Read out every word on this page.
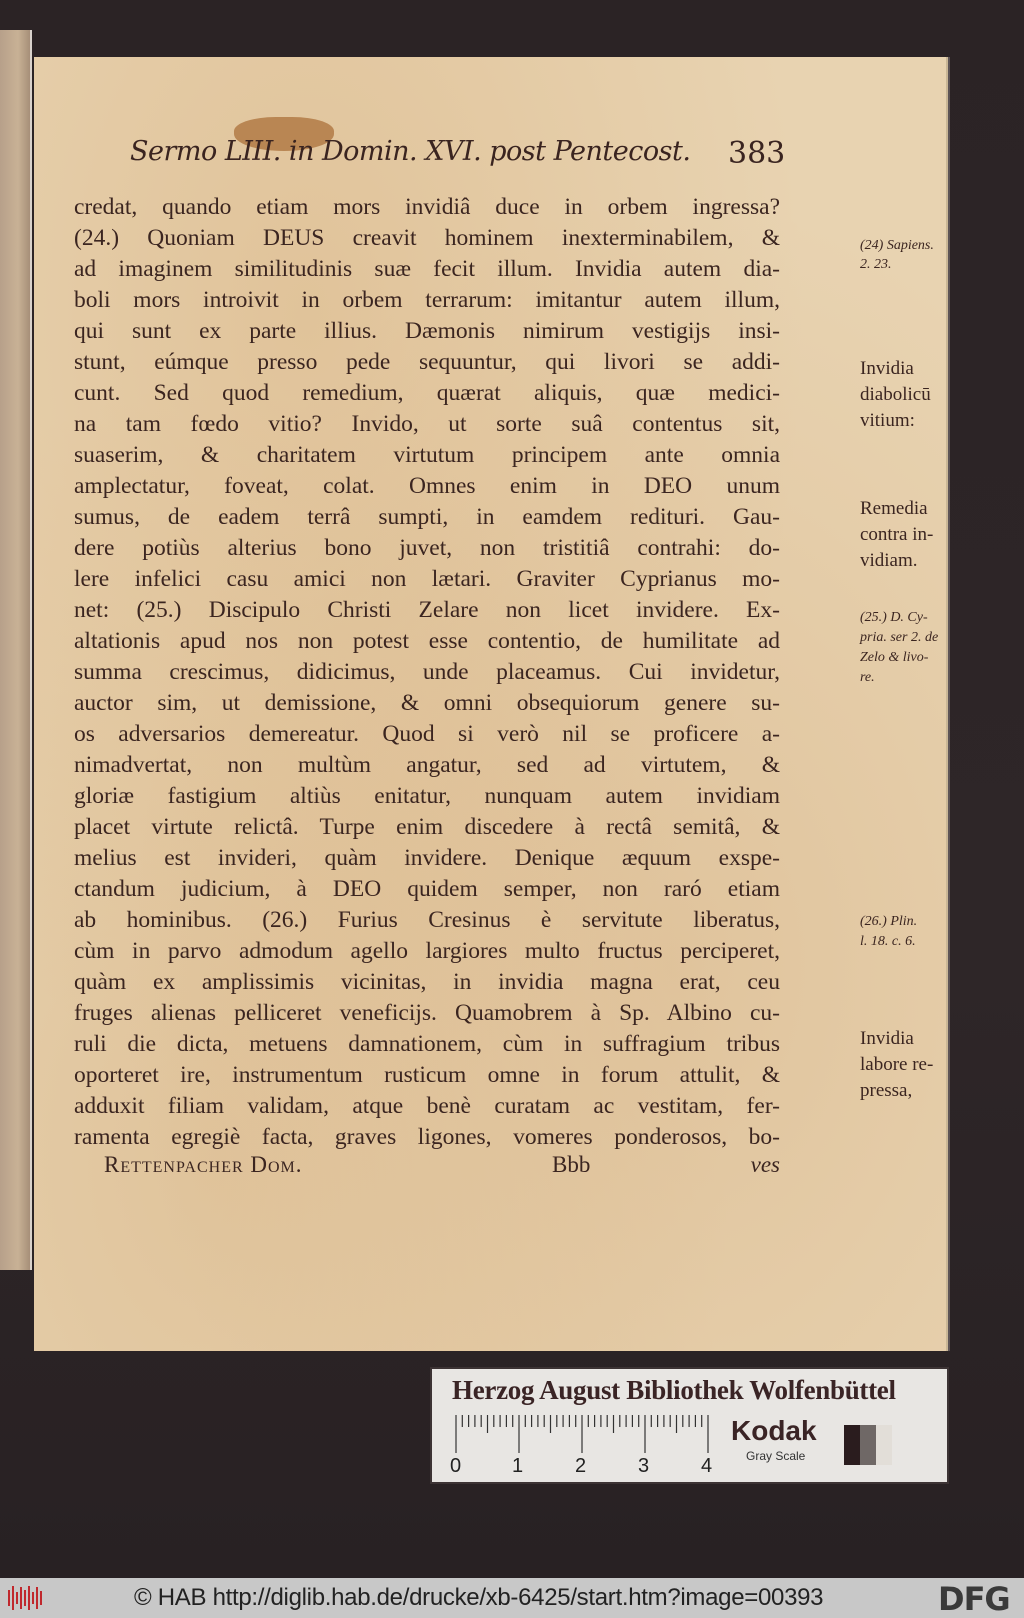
Sermo LIII. in Domin. XVI. post Pentecost.	383
credat, quando etiam mors invidiâ duce in orbem ingressa?
(24.) Quoniam DEUS creavit hominem inexterminabilem, &
ad imaginem similitudinis suæ fecit illum. Invidia autem dia-
boli mors introivit in orbem terrarum: imitantur autem illum,
qui sunt ex parte illius. Dæmonis nimirum vestigijs insi-
stunt, eúmque presso pede sequuntur, qui livori se addi-
cunt. Sed quod remedium, quærat aliquis, quæ medici-
na tam fœdo vitio? Invido, ut sorte suâ contentus sit,
suaserim, & charitatem virtutum principem ante omnia
amplectatur, foveat, colat. Omnes enim in DEO unum
sumus, de eadem terrâ sumpti, in eamdem redituri. Gau-
dere potiùs alterius bono juvet, non tristitiâ contrahi: do-
lere infelici casu amici non lætari. Graviter Cyprianus mo-
net: (25.) Discipulo Christi Zelare non licet invidere. Ex-
altationis apud nos non potest esse contentio, de humilitate ad
summa crescimus, didicimus, unde placeamus. Cui invidetur,
auctor sim, ut demissione, & omni obsequiorum genere su-
os adversarios demereatur. Quod si verò nil se proficere a-
nimadvertat, non multùm angatur, sed ad virtutem, &
gloriæ fastigium altiùs enitatur, nunquam autem invidiam
placet virtute relictâ. Turpe enim discedere à rectâ semitâ, &
melius est invideri, quàm invidere. Denique æquum exspe-
ctandum judicium, à DEO quidem semper, non raró etiam
ab hominibus. (26.) Furius Cresinus è servitute liberatus,
cùm in parvo admodum agello largiores multo fructus perciperet,
quàm ex amplissimis vicinitas, in invidia magna erat, ceu
fruges alienas pelliceret veneficijs. Quamobrem à Sp. Albino cu-
ruli die dicta, metuens damnationem, cùm in suffragium tribus
oporteret ire, instrumentum rusticum omne in forum attulit, &
adduxit filiam validam, atque benè curatam ac vestitam, fer-
ramenta egregiè facta, graves ligones, vomeres ponderosos, bo-
(24) Sapiens.
2. 23.
Invidia
diabolicū
vitium:
Remedia
contra in-
vidiam.
(25.) D. Cy-
pria. ser 2. de
Zelo & livo-
re.
(26.) Plin.
l. 18. c. 6.
Invidia
labore re-
pressa,
Rettenpacher Dom.	Bbb	ves
Herzog August Bibliothek Wolfenbüttel
0	1	2	3	4
Kodak
Gray Scale
© HAB http://diglib.hab.de/drucke/xb-6425/start.htm?image=00393	DFG
